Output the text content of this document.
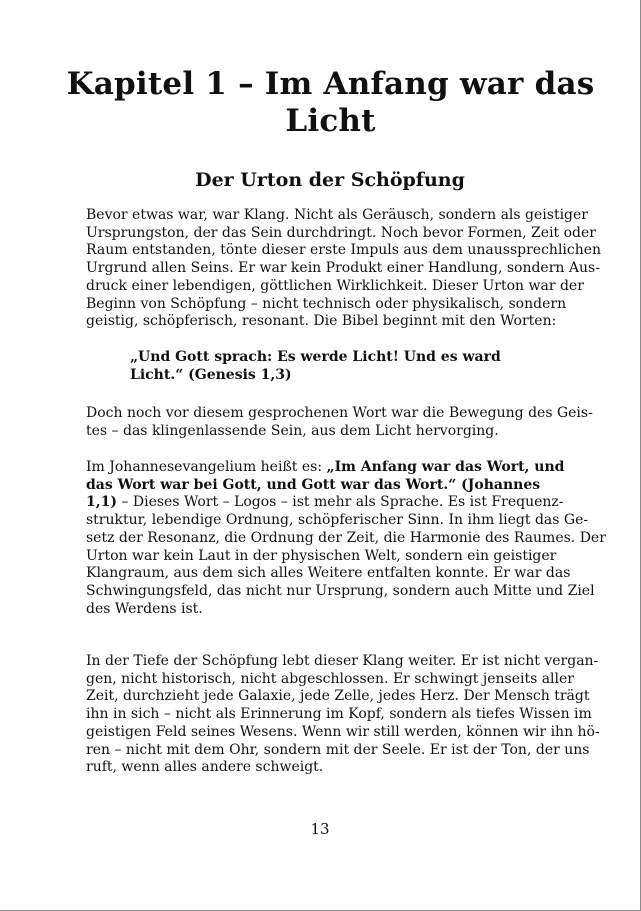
Kapitel 1 – Im Anfang war das
Licht
Der Urton der Schöpfung

Bevor etwas war, war Klang. Nicht als Geräusch, sondern als geistiger
Ursprungston, der das Sein durchdringt. Noch bevor Formen, Zeit oder
Raum entstanden, tönte dieser erste Impuls aus dem unaussprechlichen
Urgrund allen Seins. Er war kein Produkt einer Handlung, sondern Aus-
druck einer lebendigen, göttlichen Wirklichkeit. Dieser Urton war der
Beginn von Schöpfung – nicht technisch oder physikalisch, sondern
geistig, schöpferisch, resonant. Die Bibel beginnt mit den Worten:

„Und Gott sprach: Es werde Licht! Und es ward
Licht.“ (Genesis 1,3)

Doch noch vor diesem gesprochenen Wort war die Bewegung des Geis-
tes – das klingenlassende Sein, aus dem Licht hervorging.

Im Johannesevangelium heißt es: „Im Anfang war das Wort, und
das Wort war bei Gott, und Gott war das Wort.“ (Johannes
1,1) – Dieses Wort – Logos – ist mehr als Sprache. Es ist Frequenz-
struktur, lebendige Ordnung, schöpferischer Sinn. In ihm liegt das Ge-
setz der Resonanz, die Ordnung der Zeit, die Harmonie des Raumes. Der
Urton war kein Laut in der physischen Welt, sondern ein geistiger
Klangraum, aus dem sich alles Weitere entfalten konnte. Er war das
Schwingungsfeld, das nicht nur Ursprung, sondern auch Mitte und Ziel
des Werdens ist.

In der Tiefe der Schöpfung lebt dieser Klang weiter. Er ist nicht vergan-
gen, nicht historisch, nicht abgeschlossen. Er schwingt jenseits aller
Zeit, durchzieht jede Galaxie, jede Zelle, jedes Herz. Der Mensch trägt
ihn in sich – nicht als Erinnerung im Kopf, sondern als tiefes Wissen im
geistigen Feld seines Wesens. Wenn wir still werden, können wir ihn hö-
ren – nicht mit dem Ohr, sondern mit der Seele. Er ist der Ton, der uns
ruft, wenn alles andere schweigt.

13
